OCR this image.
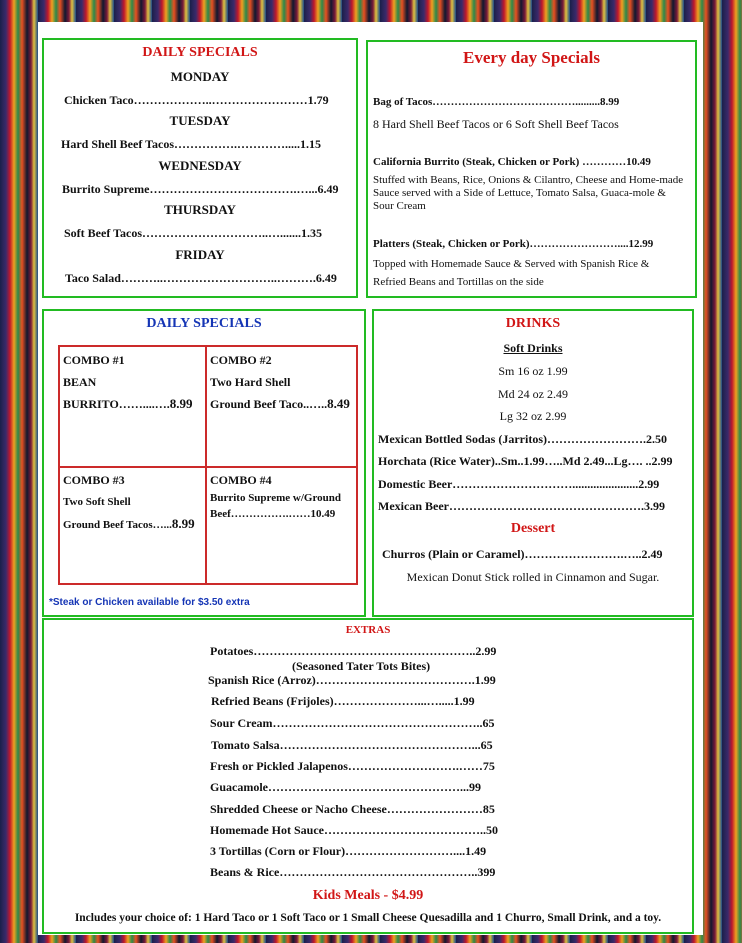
DAILY SPECIALS
MONDAY
Chicken Taco………………..……………………1.79
TUESDAY
Hard Shell Beef Tacos…………….………….....1.15
WEDNESDAY
Burrito Supreme……………………………….…...6.49
THURSDAY
Soft Beef Tacos…………………………..….......1.35
FRIDAY
Taco Salad………..………………………..……….6.49
Every day Specials
Bag of Tacos………………………………….........8.99
8 Hard Shell Beef Tacos or 6 Soft Shell Beef Tacos
California Burrito (Steak, Chicken or Pork) …………10.49
Stuffed with Beans, Rice, Onions & Cilantro, Cheese and Home-made Sauce served with a Side of Lettuce, Tomato Salsa, Guaca-mole & Sour Cream
Platters (Steak, Chicken or Pork)……………………....12.99
Topped with Homemade Sauce & Served with Spanish Rice &
Refried Beans and Tortillas on the side
DAILY SPECIALS
COMBO #1
BEAN
BURRITO……....….8.99
COMBO #2
Two Hard Shell
Ground Beef Taco..…..8.49
COMBO #3
Two Soft Shell
Ground Beef Tacos…...8.99
COMBO #4
Burrito Supreme w/Ground
Beef…………….……10.49
*Steak or Chicken available for $3.50 extra
DRINKS
Soft Drinks
Sm 16 oz 1.99
Md 24 oz 2.49
Lg 32 oz 2.99
Mexican Bottled Sodas (Jarritos)…………………….2.50
Horchata (Rice Water)..Sm..1.99…..Md 2.49...Lg…. ..2.99
Domestic Beer…………………………......................2.99
Mexican Beer………………………………………….3.99
Dessert
Churros (Plain or Caramel)…………………….…..2.49
Mexican Donut Stick rolled in Cinnamon and Sugar.
EXTRAS
Potatoes………………………………………………..2.99
(Seasoned Tater Tots Bites)
Spanish Rice (Arroz)………………………………….1.99
Refried Beans (Frijoles)…………………...….....1.99
Sour Cream……………………………………………..65
Tomato Salsa…………………………………………...65
Fresh or Pickled Jalapenos……………………….……75
Guacamole…………………………………………...99
Shredded Cheese or Nacho Cheese……………………85
Homemade Hot Sauce…………………………………..50
3 Tortillas (Corn or Flour)………………………....1.49
Beans & Rice…………………………………………..399
Kids Meals - $4.99
Includes your choice of: 1 Hard Taco or 1 Soft Taco or 1 Small Cheese Quesadilla and 1 Churro, Small Drink, and a toy.
